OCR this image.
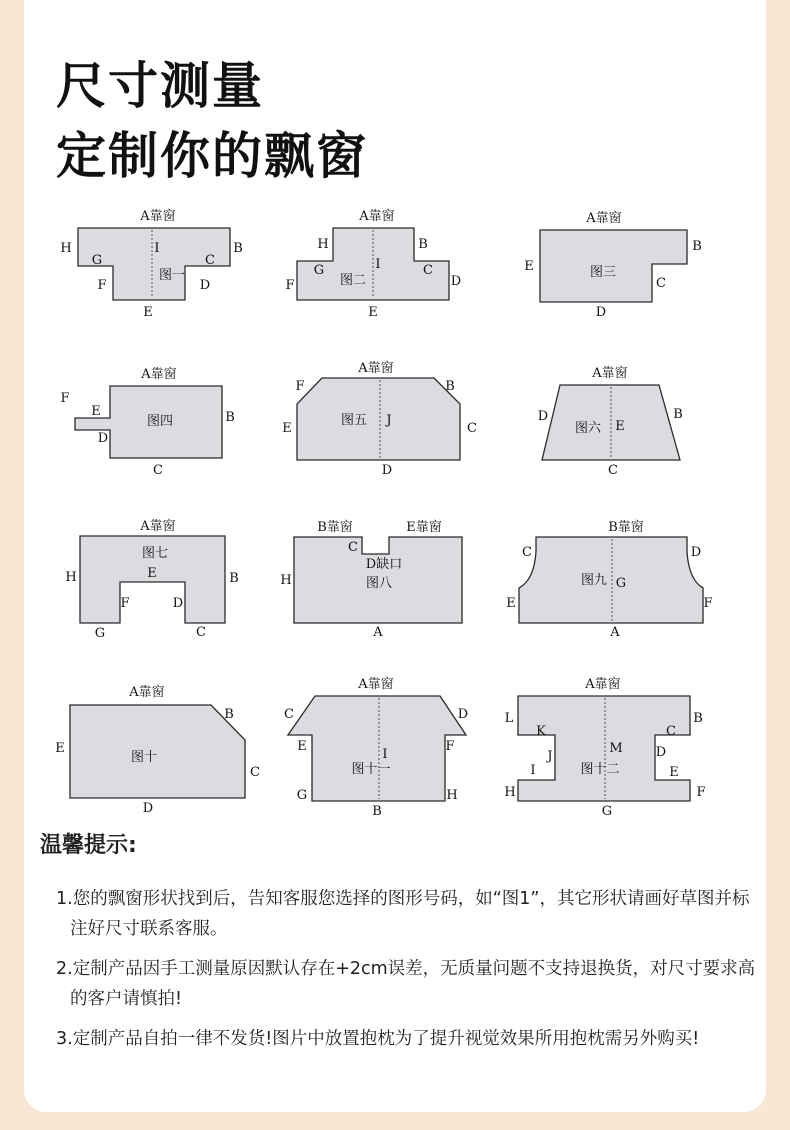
尺寸测量
定制你的飘窗
图一
A靠窗
H
G
I
C
B
F	D
E
图二
A靠窗
H	B
G	I	C
F	D
E
图三
A靠窗
B
E
C
D
图四
A靠窗
F
E	B
D
C
图五
A靠窗
F	B
E
J
C
D
图六
A靠窗
D	B
E
C
图七
A靠窗
H	E	B
F	D
G	C
图八
B靠窗	E靠窗
C
D缺口
H
A
图九
B靠窗
C	D
G
E	F
A
图十
A靠窗
B
E
C
D
图十一
A靠窗
C	D
E
I
F
G	H
B
图十二
A靠窗
L	B
K	C
M
J	D
I	E
H	F
G
温馨提示:
1.您的飘窗形状找到后，告知客服您选择的图形号码，如“图1”，其它形状请画好草图并标注好尺寸联系客服。
2.定制产品因手工测量原因默认存在+2cm误差，无质量问题不支持退换货，对尺寸要求高的客户请慎拍!
3.定制产品自拍一律不发货!图片中放置抱枕为了提升视觉效果所用抱枕需另外购买!
